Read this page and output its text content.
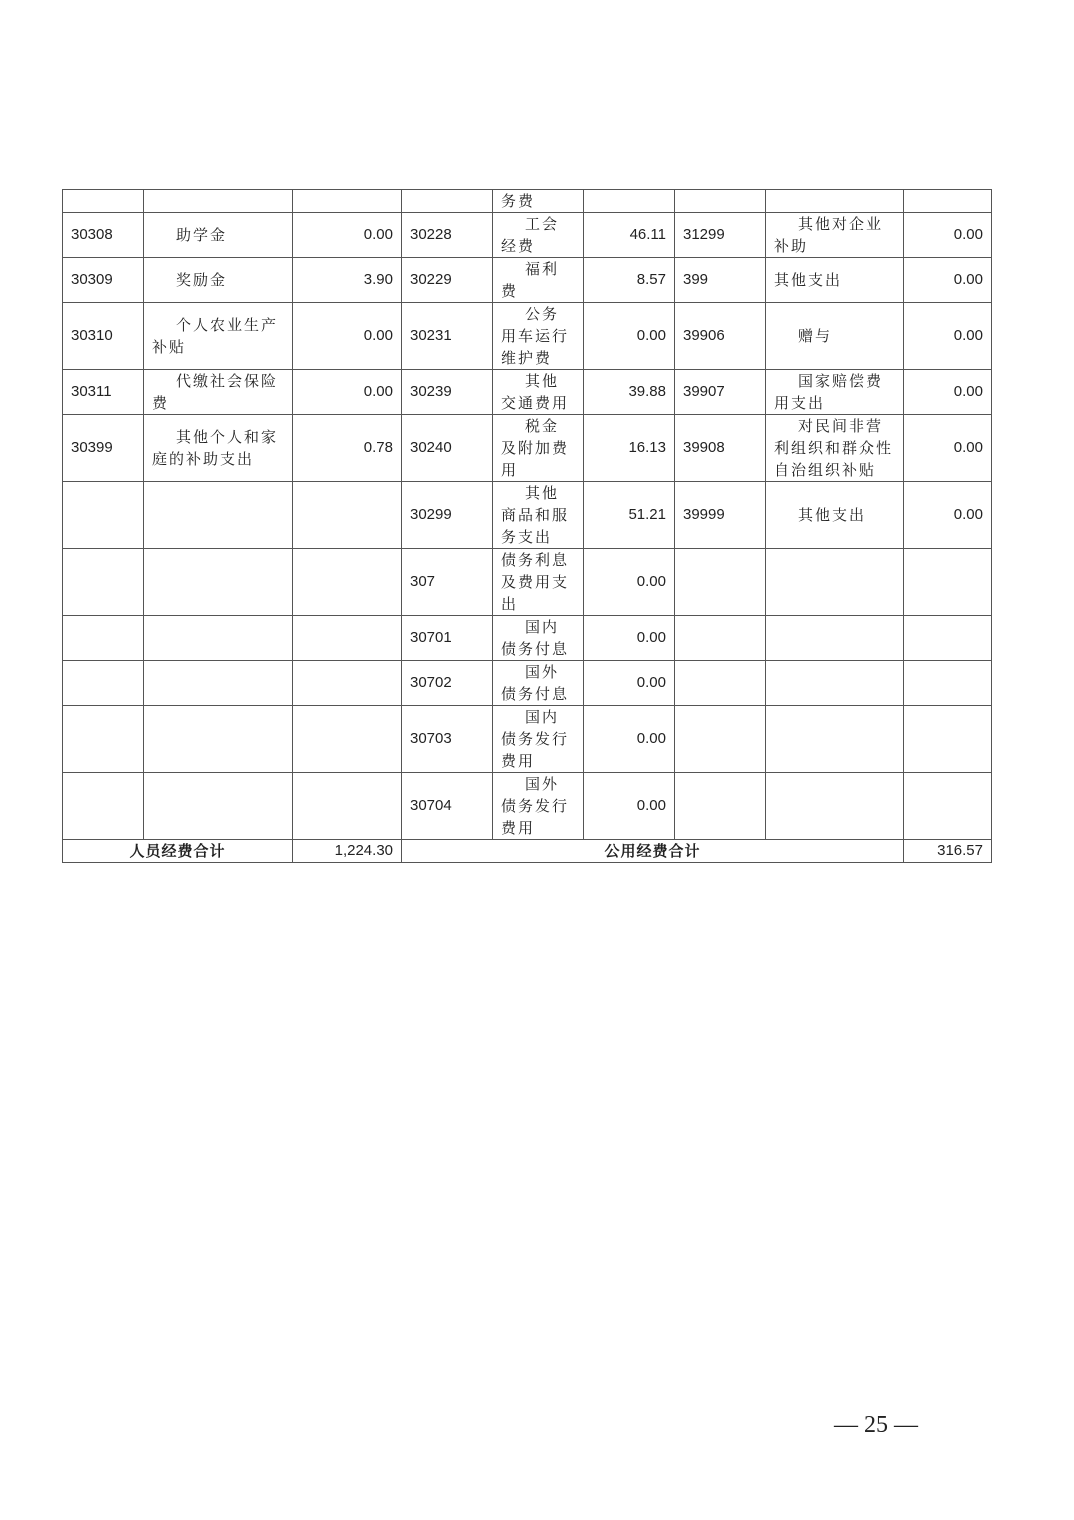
				务费				
30308	助学金	0.00	30228	工会经费	46.11	31299	其他对企业补助	0.00
30309	奖励金	3.90	30229	福利费	8.57	399	其他支出	0.00
30310	个人农业生产补贴	0.00	30231	公务用车运行维护费	0.00	39906	赠与	0.00
30311	代缴社会保险费	0.00	30239	其他交通费用	39.88	39907	国家赔偿费用支出	0.00
30399	其他个人和家庭的补助支出	0.78	30240	税金及附加费用	16.13	39908	对民间非营利组织和群众性自治组织补贴	0.00
			30299	其他商品和服务支出	51.21	39999	其他支出	0.00
			307	债务利息及费用支出	0.00			
			30701	国内债务付息	0.00			
			30702	国外债务付息	0.00			
			30703	国内债务发行费用	0.00			
			30704	国外债务发行费用	0.00			
人员经费合计		1,224.30	公用经费合计					316.57
— 25 —
